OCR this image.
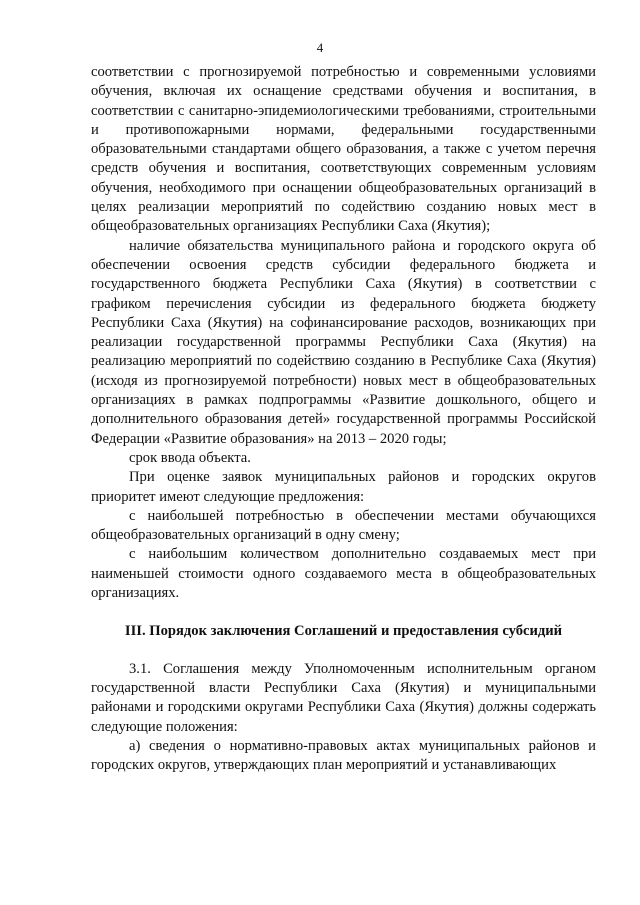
4

соответствии с прогнозируемой потребностью и современными условиями обучения, включая их оснащение средствами обучения и воспитания, в соответствии с санитарно-эпидемиологическими требованиями, строительными и противопожарными нормами, федеральными государственными образовательными стандартами общего образования, а также с учетом перечня средств обучения и воспитания, соответствующих современным условиям обучения, необходимого при оснащении общеобразовательных организаций в целях реализации мероприятий по содействию созданию новых мест в общеобразовательных организациях Республики Саха (Якутия);

наличие обязательства муниципального района и городского округа об обеспечении освоения средств субсидии федерального бюджета и государственного бюджета Республики Саха (Якутия) в соответствии с графиком перечисления субсидии из федерального бюджета бюджету Республики Саха (Якутия) на софинансирование расходов, возникающих при реализации государственной программы Республики Саха (Якутия) на реализацию мероприятий по содействию созданию в Республике Саха (Якутия) (исходя из прогнозируемой потребности) новых мест в общеобразовательных организациях в рамках подпрограммы «Развитие дошкольного, общего и дополнительного образования детей» государственной программы Российской Федерации «Развитие образования» на 2013 – 2020 годы;

срок ввода объекта.

При оценке заявок муниципальных районов и городских округов приоритет имеют следующие предложения:

с наибольшей потребностью в обеспечении местами обучающихся общеобразовательных организаций в одну смену;

с наибольшим количеством дополнительно создаваемых мест при наименьшей стоимости одного создаваемого места в общеобразовательных организациях.

III. Порядок заключения Соглашений и предоставления субсидий

3.1. Соглашения между Уполномоченным исполнительным органом государственной власти Республики Саха (Якутия) и муниципальными районами и городскими округами Республики Саха (Якутия) должны содержать следующие положения:

а) сведения о нормативно-правовых актах муниципальных районов и городских округов, утверждающих план мероприятий и устанавливающих
